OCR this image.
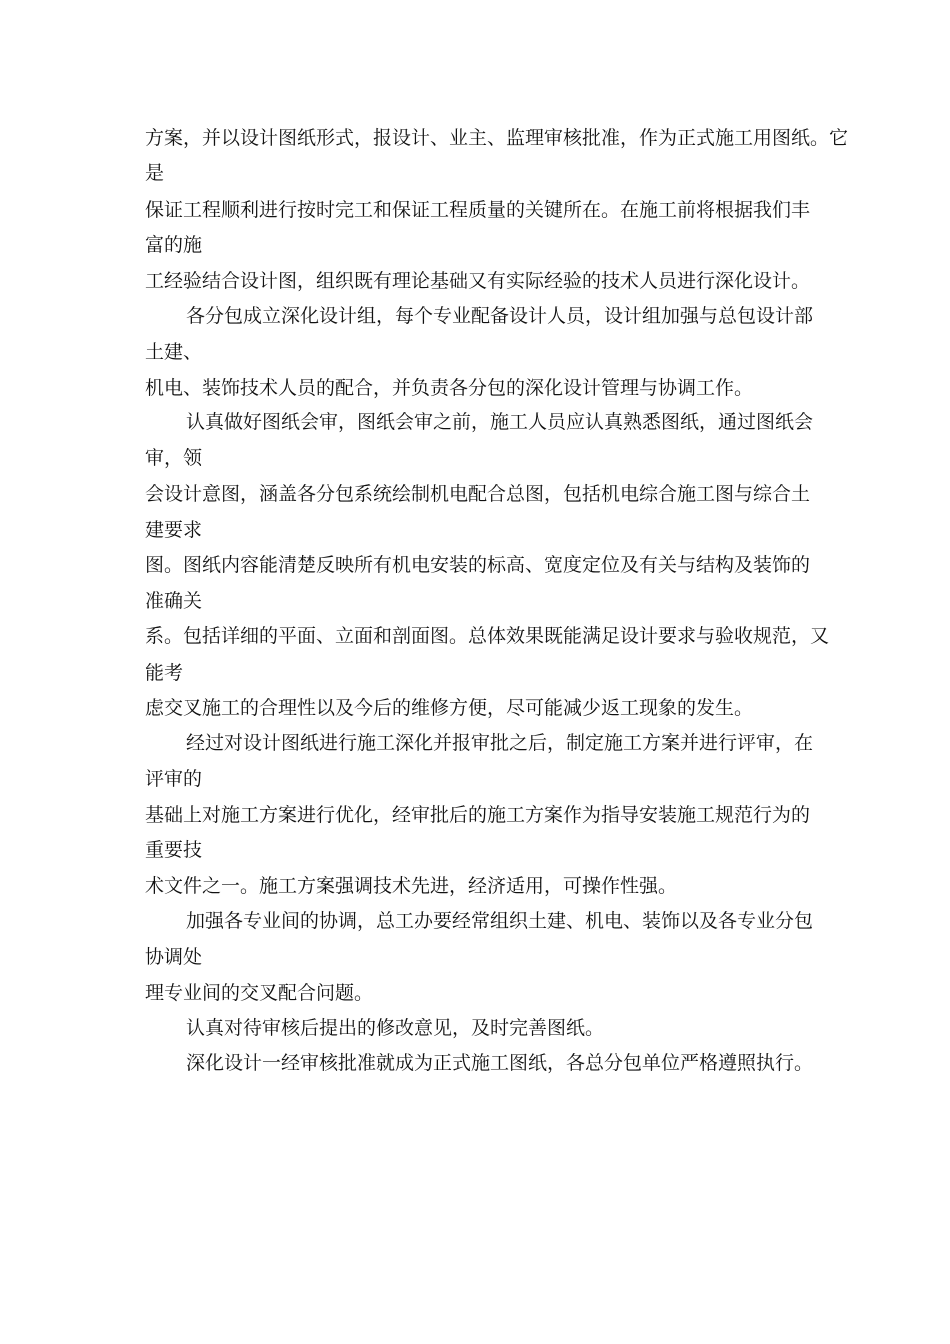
方案，并以设计图纸形式，报设计、业主、监理审核批准，作为正式施工用图纸。它
是
保证工程顺利进行按时完工和保证工程质量的关键所在。在施工前将根据我们丰
富的施
工经验结合设计图，组织既有理论基础又有实际经验的技术人员进行深化设计。
各分包成立深化设计组，每个专业配备设计人员，设计组加强与总包设计部
土建、
机电、装饰技术人员的配合，并负责各分包的深化设计管理与协调工作。
认真做好图纸会审，图纸会审之前，施工人员应认真熟悉图纸，通过图纸会
审，领
会设计意图，涵盖各分包系统绘制机电配合总图，包括机电综合施工图与综合土
建要求
图。图纸内容能清楚反映所有机电安装的标高、宽度定位及有关与结构及装饰的
准确关
系。包括详细的平面、立面和剖面图。总体效果既能满足设计要求与验收规范，又
能考
虑交叉施工的合理性以及今后的维修方便，尽可能减少返工现象的发生。
经过对设计图纸进行施工深化并报审批之后，制定施工方案并进行评审，在
评审的
基础上对施工方案进行优化，经审批后的施工方案作为指导安装施工规范行为的
重要技
术文件之一。施工方案强调技术先进，经济适用，可操作性强。
加强各专业间的协调，总工办要经常组织土建、机电、装饰以及各专业分包
协调处
理专业间的交叉配合问题。
认真对待审核后提出的修改意见，及时完善图纸。
深化设计一经审核批准就成为正式施工图纸，各总分包单位严格遵照执行。
